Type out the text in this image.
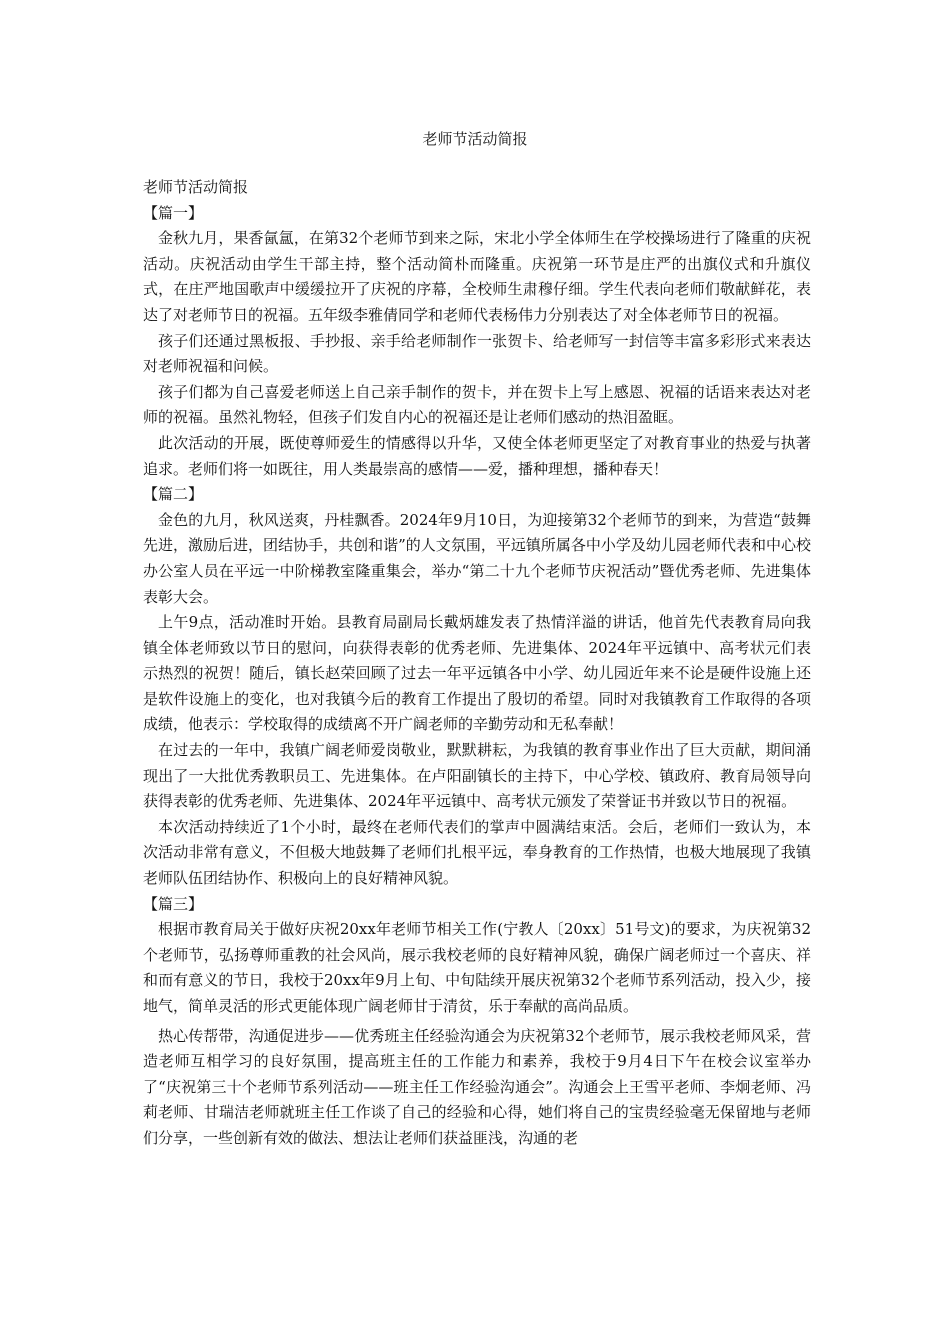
老师节活动简报

老师节活动简报

【篇一】

金秋九月，果香氤氲，在第32个老师节到来之际，宋北小学全体师生在学校操场进行了隆重的庆祝活动。庆祝活动由学生干部主持，整个活动简朴而隆重。庆祝第一环节是庄严的出旗仪式和升旗仪式，在庄严地国歌声中缓缓拉开了庆祝的序幕，全校师生肃穆仔细。学生代表向老师们敬献鲜花，表达了对老师节日的祝福。五年级李雅倩同学和老师代表杨伟力分别表达了对全体老师节日的祝福。

孩子们还通过黑板报、手抄报、亲手给老师制作一张贺卡、给老师写一封信等丰富多彩形式来表达对老师祝福和问候。

孩子们都为自己喜爱老师送上自己亲手制作的贺卡，并在贺卡上写上感恩、祝福的话语来表达对老师的祝福。虽然礼物轻，但孩子们发自内心的祝福还是让老师们感动的热泪盈眶。

此次活动的开展，既使尊师爱生的情感得以升华，又使全体老师更坚定了对教育事业的热爱与执著追求。老师们将一如既往，用人类最崇高的感情——爱，播种理想，播种春天！

【篇二】

金色的九月，秋风送爽，丹桂飘香。2024年9月10日，为迎接第32个老师节的到来，为营造“鼓舞先进，激励后进，团结协手，共创和谐”的人文氛围，平远镇所属各中小学及幼儿园老师代表和中心校办公室人员在平远一中阶梯教室隆重集会，举办“第二十九个老师节庆祝活动”暨优秀老师、先进集体表彰大会。

上午9点，活动准时开始。县教育局副局长戴炳雄发表了热情洋溢的讲话，他首先代表教育局向我镇全体老师致以节日的慰问，向获得表彰的优秀老师、先进集体、2024年平远镇中、高考状元们表示热烈的祝贺！随后，镇长赵荣回顾了过去一年平远镇各中小学、幼儿园近年来不论是硬件设施上还是软件设施上的变化，也对我镇今后的教育工作提出了殷切的希望。同时对我镇教育工作取得的各项成绩，他表示：学校取得的成绩离不开广阔老师的辛勤劳动和无私奉献！

在过去的一年中，我镇广阔老师爱岗敬业，默默耕耘，为我镇的教育事业作出了巨大贡献，期间涌现出了一大批优秀教职员工、先进集体。在卢阳副镇长的主持下，中心学校、镇政府、教育局领导向获得表彰的优秀老师、先进集体、2024年平远镇中、高考状元颁发了荣誉证书并致以节日的祝福。

本次活动持续近了1个小时，最终在老师代表们的掌声中圆满结束活。会后，老师们一致认为，本次活动非常有意义，不但极大地鼓舞了老师们扎根平远，奉身教育的工作热情，也极大地展现了我镇老师队伍团结协作、积极向上的良好精神风貌。

【篇三】

根据市教育局关于做好庆祝20xx年老师节相关工作(宁教人〔20xx〕51号文)的要求，为庆祝第32个老师节，弘扬尊师重教的社会风尚，展示我校老师的良好精神风貌，确保广阔老师过一个喜庆、祥和而有意义的节日，我校于20xx年9月上旬、中旬陆续开展庆祝第32个老师节系列活动，投入少，接地气，简单灵活的形式更能体现广阔老师甘于清贫，乐于奉献的高尚品质。

热心传帮带，沟通促进步——优秀班主任经验沟通会为庆祝第32个老师节，展示我校老师风采，营造老师互相学习的良好氛围，提高班主任的工作能力和素养，我校于9月4日下午在校会议室举办了“庆祝第三十个老师节系列活动——班主任工作经验沟通会”。沟通会上王雪平老师、李炯老师、冯莉老师、甘瑞洁老师就班主任工作谈了自己的经验和心得，她们将自己的宝贵经验毫无保留地与老师们分享，一些创新有效的做法、想法让老师们获益匪浅，沟通的老
